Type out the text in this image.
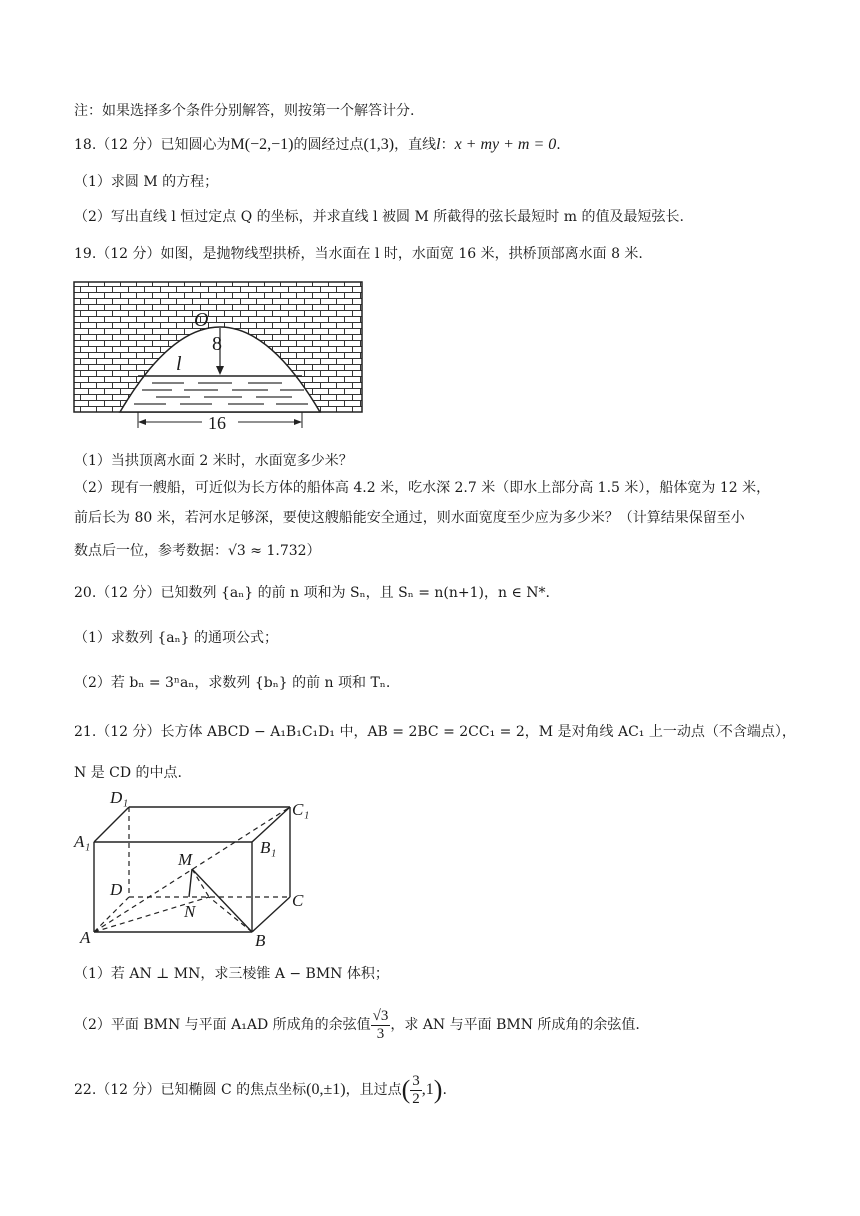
注：如果选择多个条件分别解答，则按第一个解答计分.
18.（12 分）已知圆心为M(−2,−1)的圆经过点(1,3)，直线l：x + my + m = 0.
（1）求圆 M 的方程；
（2）写出直线 l 恒过定点 Q 的坐标，并求直线 l 被圆 M 所截得的弦长最短时 m 的值及最短弦长.
19.（12 分）如图，是抛物线型拱桥，当水面在 l 时，水面宽 16 米，拱桥顶部离水面 8 米.
O
8
l
16
（1）当拱顶离水面 2 米时，水面宽多少米？
（2）现有一艘船，可近似为长方体的船体高 4.2 米，吃水深 2.7 米（即水上部分高 1.5 米），船体宽为 12 米，
前后长为 80 米，若河水足够深，要使这艘船能安全通过，则水面宽度至少应为多少米？（计算结果保留至小
数点后一位，参考数据：√3 ≈ 1.732）
20.（12 分）已知数列 {aₙ} 的前 n 项和为 Sₙ，且 Sₙ = n(n+1)，n ∈ N*.
（1）求数列 {aₙ} 的通项公式；
（2）若 bₙ = 3ⁿaₙ，求数列 {bₙ} 的前 n 项和 Tₙ.
21.（12 分）长方体 ABCD − A₁B₁C₁D₁ 中，AB = 2BC = 2CC₁ = 2，M 是对角线 AC₁ 上一动点（不含端点），
N 是 CD 的中点.
D₁
C₁
A₁	B₁
M
D
C
N
A	B
（1）若 AN ⊥ MN，求三棱锥 A − BMN 体积；
（2）平面 BMN 与平面 A₁AD 所成角的余弦值 $\frac{√3}{3}$ ，求 AN 与平面 BMN 所成角的余弦值.
22.（12 分）已知椭圆 C 的焦点坐标(0,±1)，且过点( $\frac{3}{2} ,1$).
